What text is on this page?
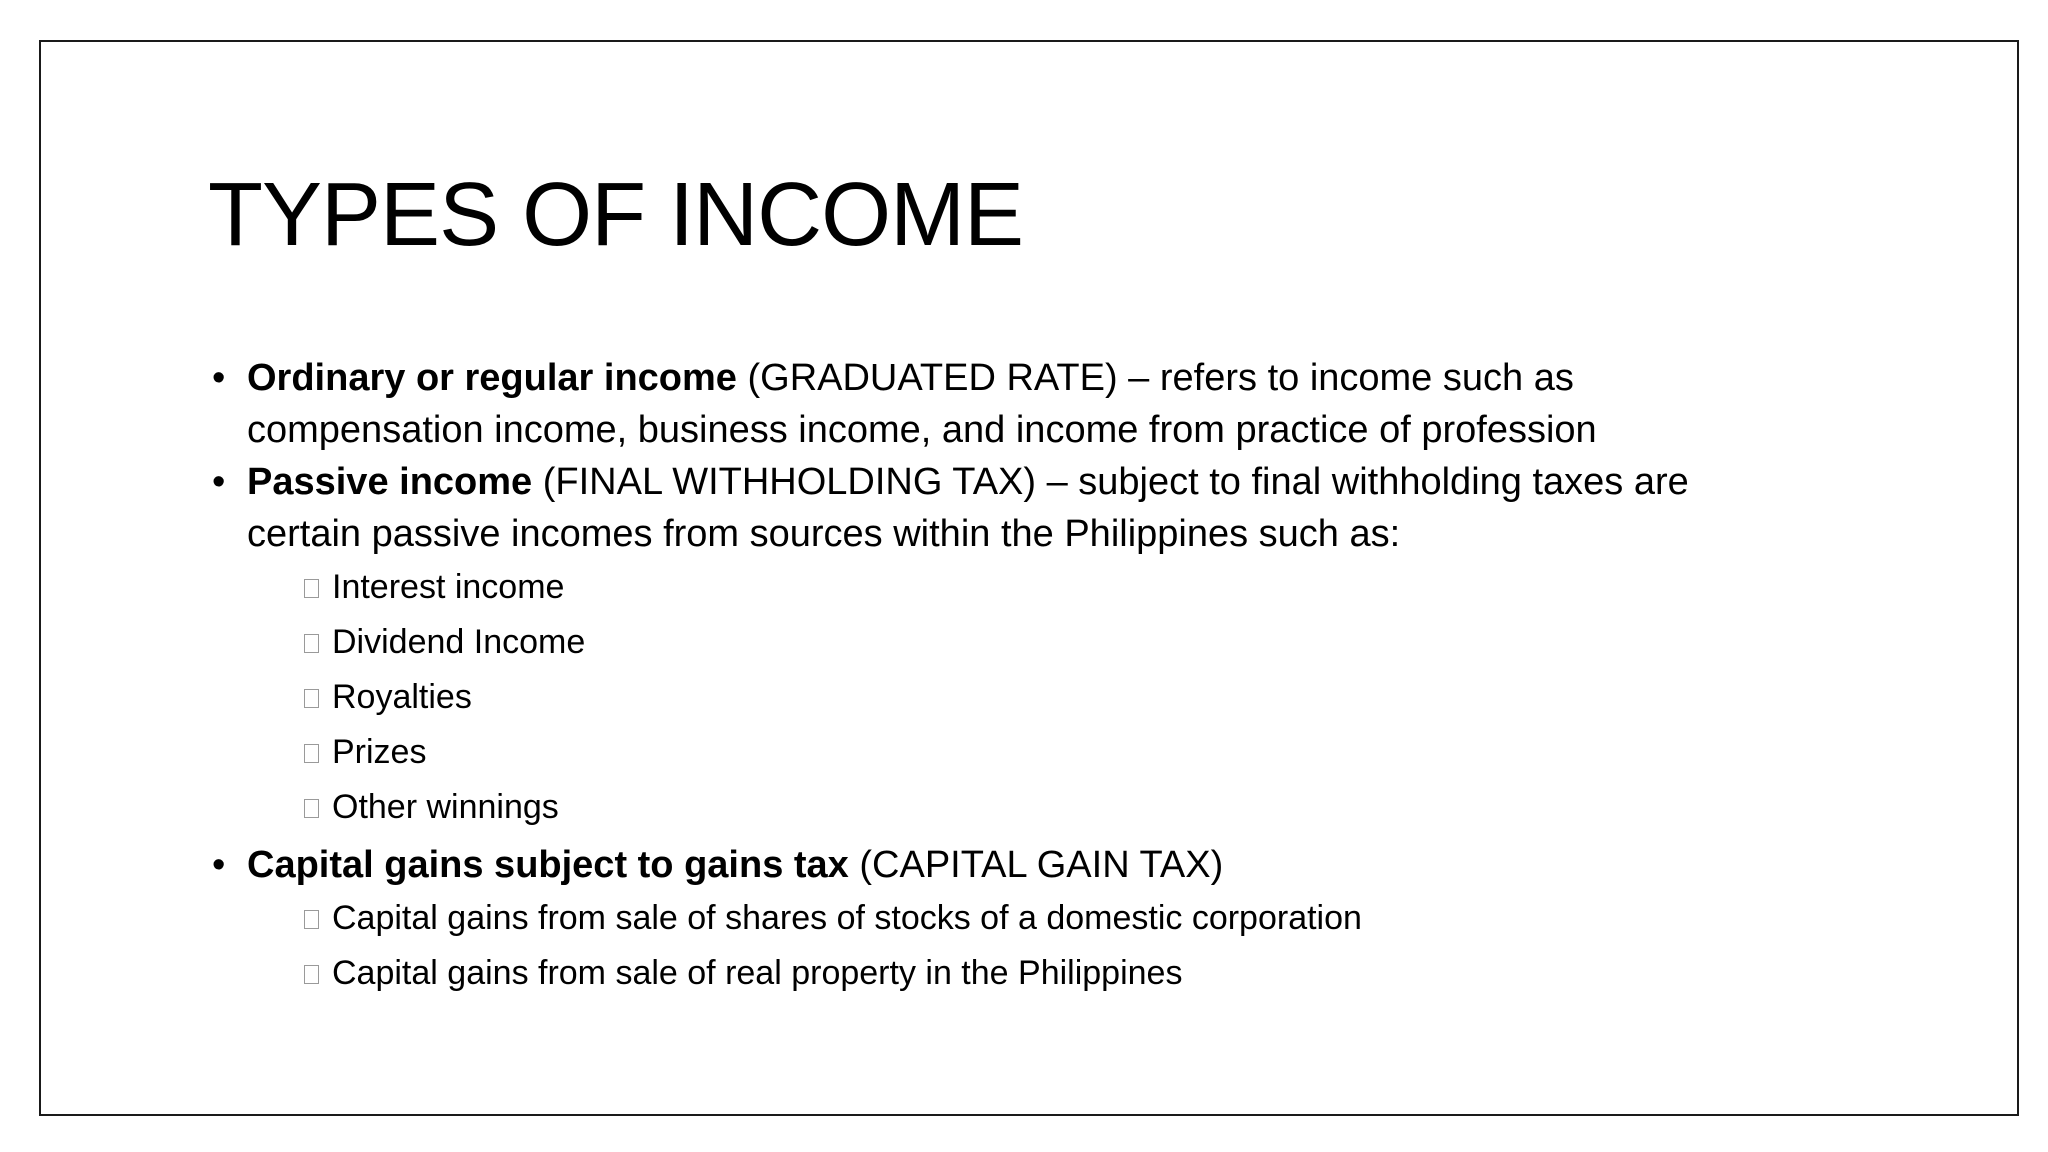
TYPES OF INCOME
• Ordinary or regular income (GRADUATED RATE) – refers to income such as compensation income, business income, and income from practice of profession
• Passive income (FINAL WITHHOLDING TAX) – subject to final withholding taxes are certain passive incomes from sources within the Philippines such as:
Interest income
Dividend Income
Royalties
Prizes
Other winnings
• Capital gains subject to gains tax (CAPITAL GAIN TAX)
Capital gains from sale of shares of stocks of a domestic corporation
Capital gains from sale of real property in the Philippines
